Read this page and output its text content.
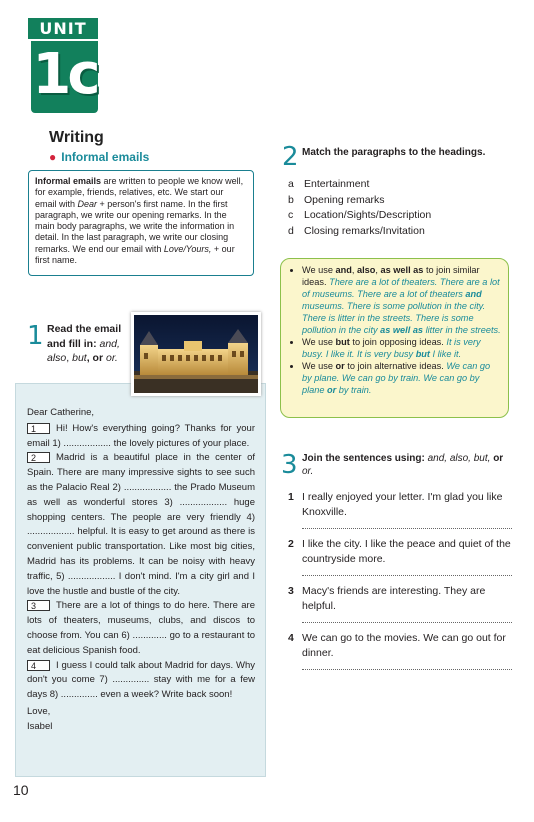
UNIT
1c
Writing
● Informal emails
Informal emails are written to people we know well, for example, friends, relatives, etc. We start our email with Dear + person's first name. In the first paragraph, we write our opening remarks. In the main body paragraphs, we write the information in detail. In the last paragraph, we write our closing remarks. We end our email with Love/Yours, + our first name.
1 Read the email and fill in: and, also, but, or or.

Dear Catherine,

1 Hi! How's everything going? Thanks for your email 1) .................. the lovely pictures of your place.

2 Madrid is a beautiful place in the center of Spain. There are many impressive sights to see such as the Palacio Real 2) .................. the Prado Museum as well as wonderful stores 3) .................. huge shopping centers. The people are very friendly 4) .................. helpful. It is easy to get around as there is convenient public transportation. Like most big cities, Madrid has its problems. It can be noisy with heavy traffic, 5) .................. I don't mind. I'm a city girl and I love the hustle and bustle of the city.

3 There are a lot of things to do here. There are lots of theaters, museums, clubs, and discos to choose from. You can 6) ............. go to a restaurant to eat delicious Spanish food.

4 I guess I could talk about Madrid for days. Why don't you come 7) .............. stay with me for a few days 8) .............. even a week? Write back soon!

Love,

Isabel

10
2 Match the paragraphs to the headings.
a Entertainment
b Opening remarks
c Location/Sights/Description
d Closing remarks/Invitation
• We use and, also, as well as to join similar ideas. There are a lot of theaters. There are a lot of museums. There are a lot of theaters and museums. There is some pollution in the city. There is litter in the streets. There is some pollution in the city as well as litter in the streets.
• We use but to join opposing ideas. It is very busy. I like it. It is very busy but I like it.
• We use or to join alternative ideas. We can go by plane. We can go by train. We can go by plane or by train.
3 Join the sentences using: and, also, but, or or.
1 I really enjoyed your letter. I'm glad you like Knoxville.
2 I like the city. I like the peace and quiet of the countryside more.
3 Macy's friends are interesting. They are helpful.
4 We can go to the movies. We can go out for dinner.
